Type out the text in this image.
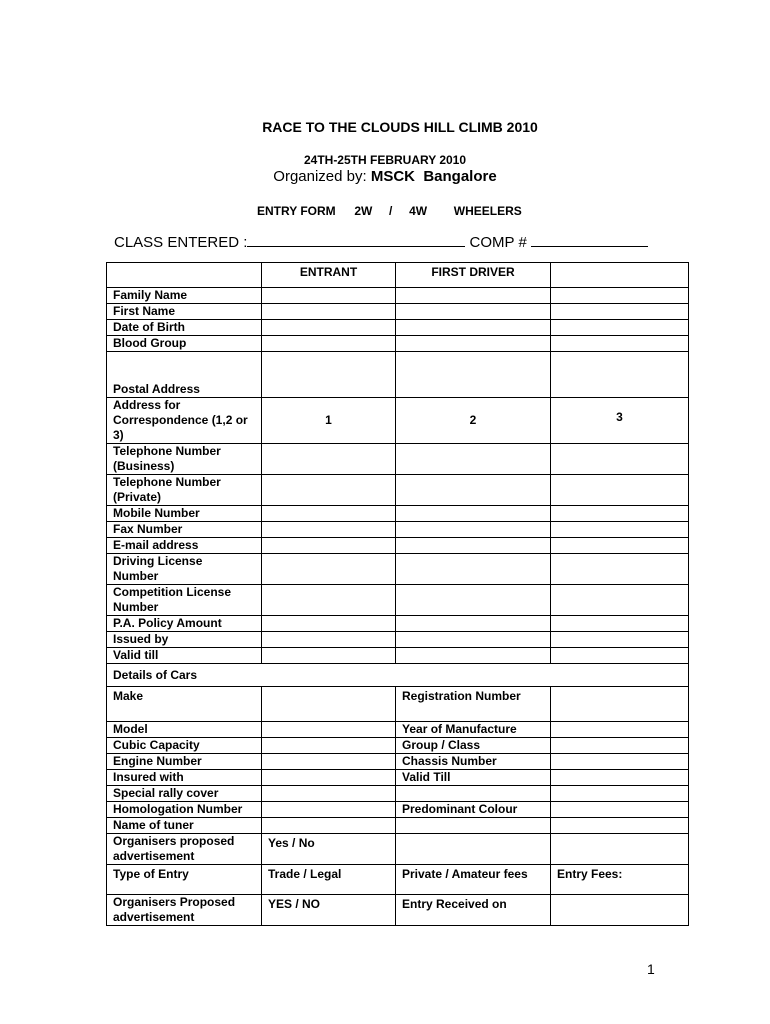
RACE TO THE CLOUDS HILL CLIMB 2010
24TH-25TH FEBRUARY 2010
Organized by: MSCK  Bangalore
ENTRY FORM 2W / 4W WHEELERS
CLASS ENTERED :	COMP #
	ENTRANT	FIRST DRIVER	
Family Name			
First Name			
Date of Birth			
Blood Group			
Postal Address			

Address for
Correspondence (1,2 or
3)	1	2	3

Telephone Number
(Business)			

Telephone Number
(Private)			

Mobile Number			
Fax Number			
E-mail address			

Driving License
Number			

Competition License
Number			

P.A. Policy Amount			
Issued by			
Valid till			
Details of Cars			
Make		Registration Number	
Model		Year of Manufacture	
Cubic Capacity		Group / Class	
Engine Number		Chassis Number	
Insured with		Valid Till	
Special rally cover			
Homologation Number		Predominant Colour	
Name of tuner			

Organisers proposed
advertisement	Yes / No		
Type of Entry	Trade / Legal	Private / Amateur fees	Entry Fees:

Organisers Proposed
advertisement	YES / NO	Entry Received on	
1
